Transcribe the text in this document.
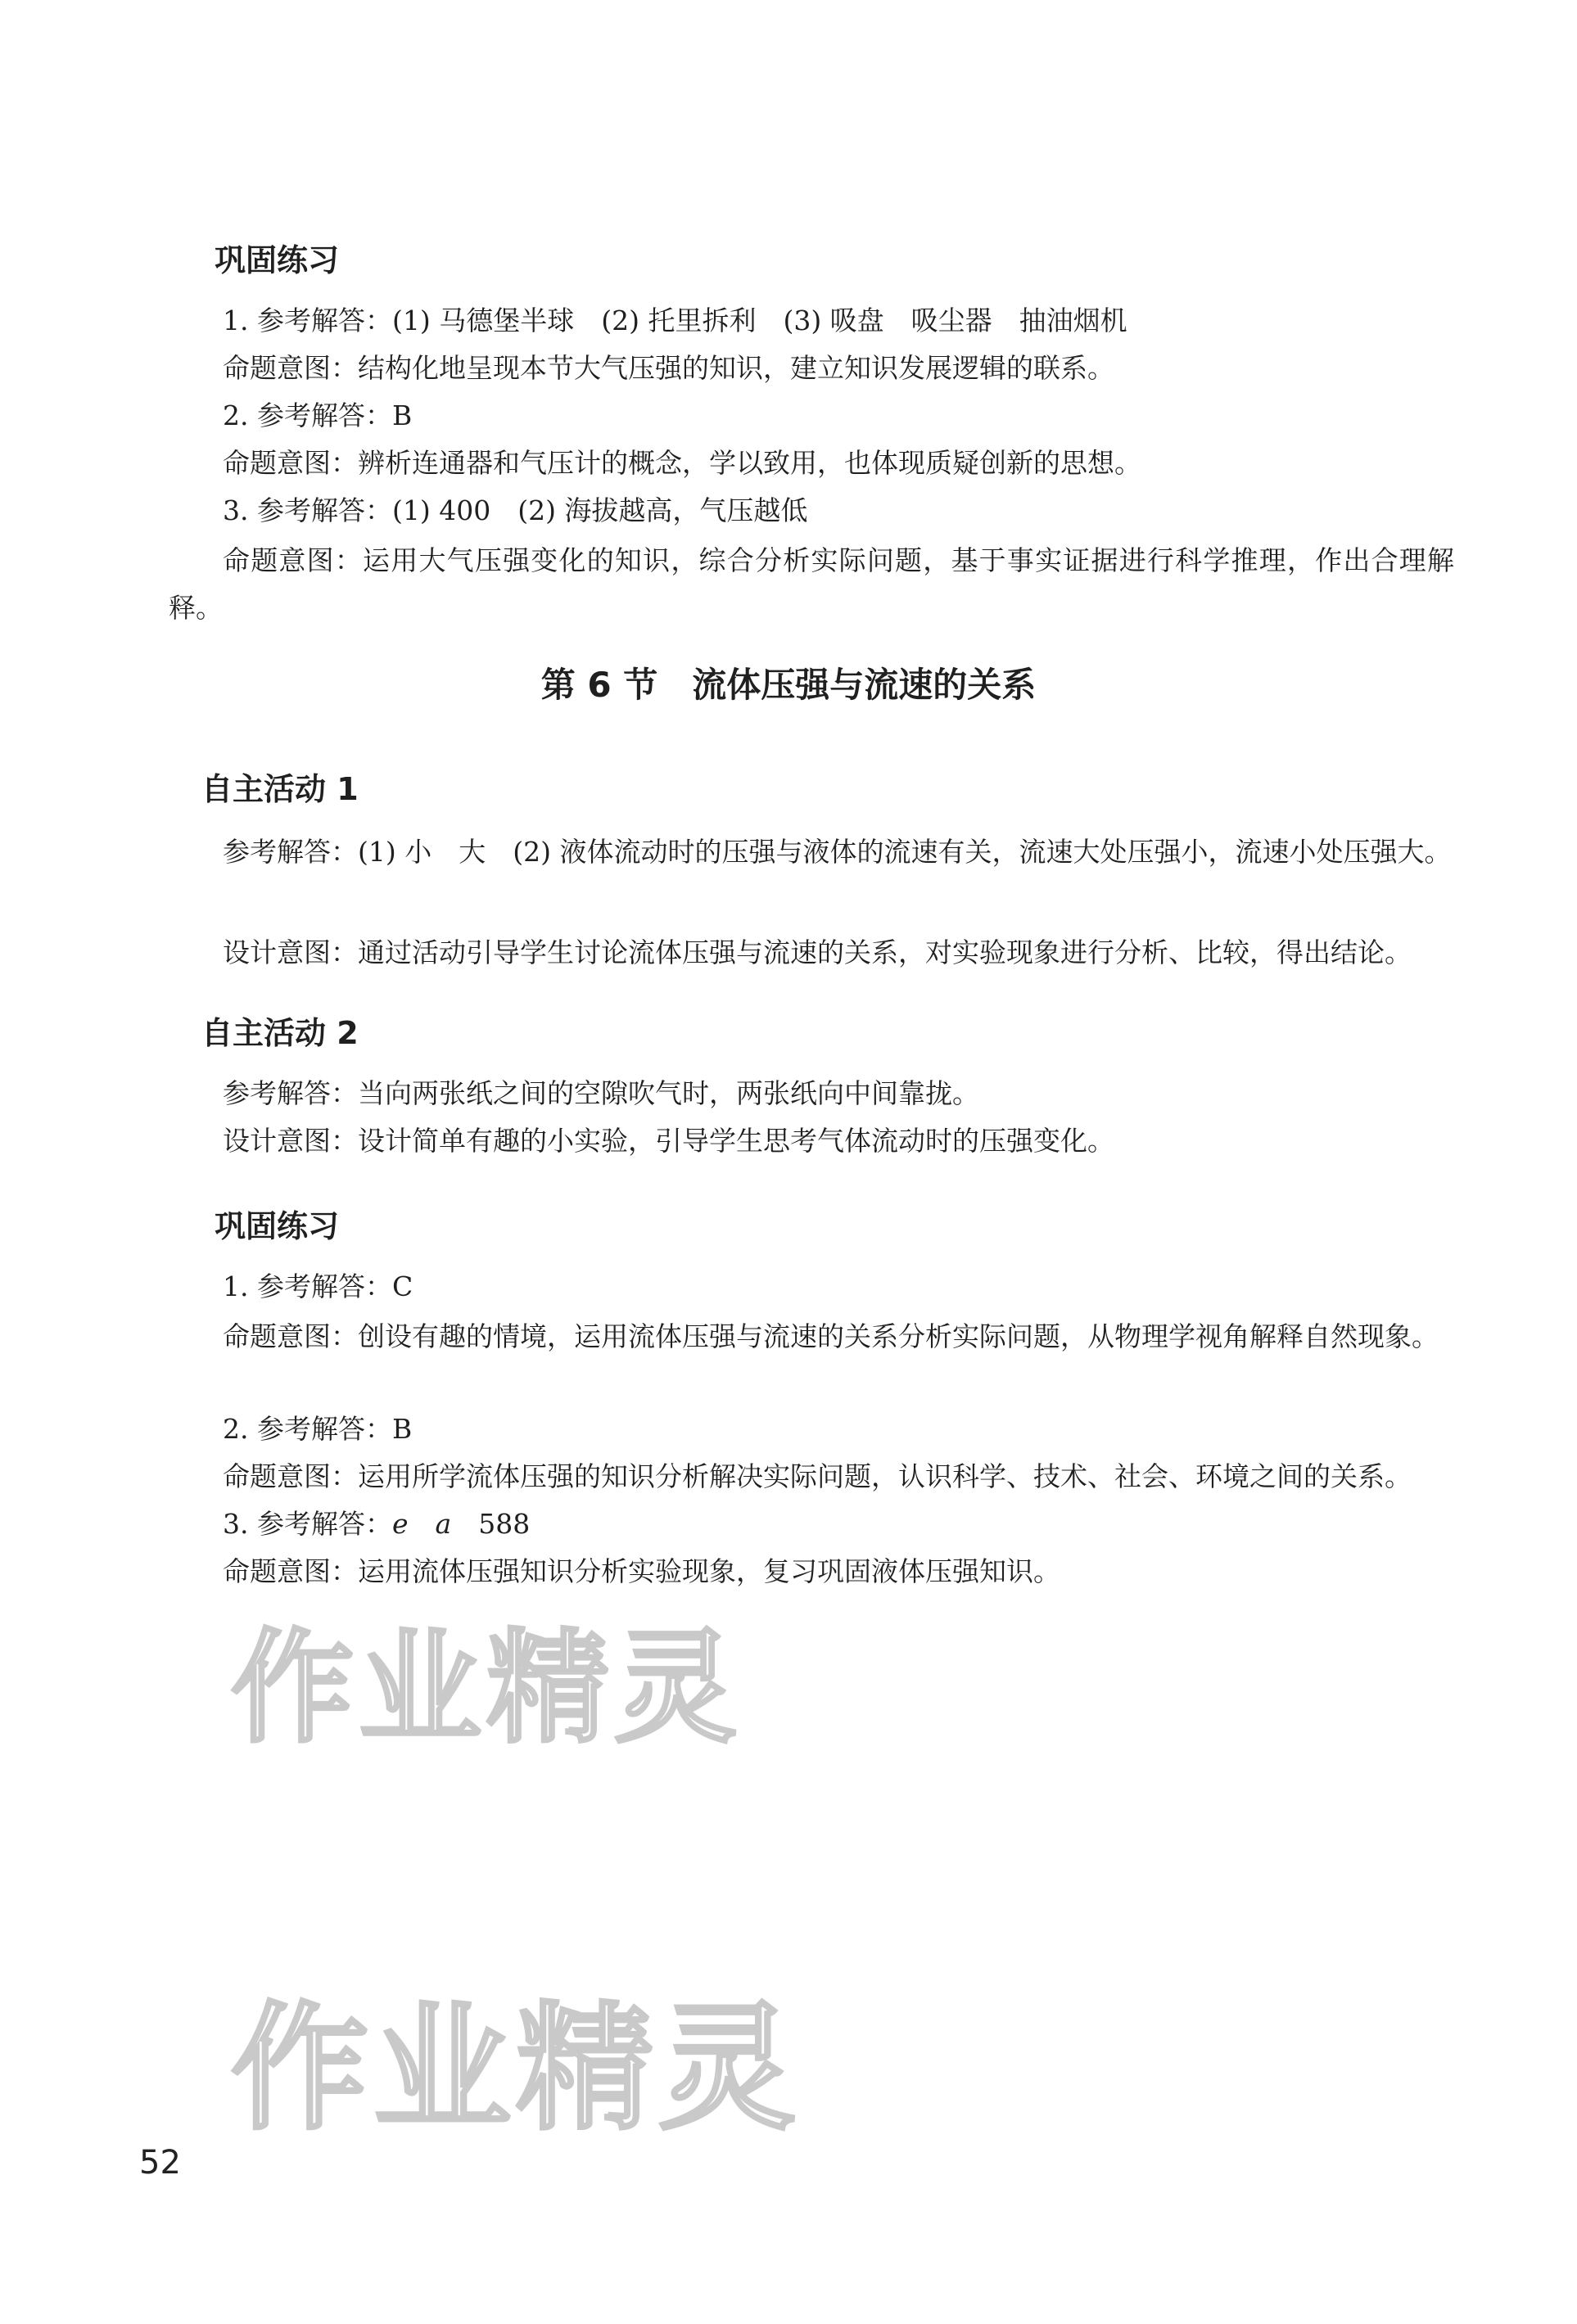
巩固练习
1. 参考解答：(1) 马德堡半球　(2) 托里拆利　(3) 吸盘　吸尘器　抽油烟机
命题意图：结构化地呈现本节大气压强的知识，建立知识发展逻辑的联系。
2. 参考解答：B
命题意图：辨析连通器和气压计的概念，学以致用，也体现质疑创新的思想。
3. 参考解答：(1) 400　(2) 海拔越高，气压越低
命题意图：运用大气压强变化的知识，综合分析实际问题，基于事实证据进行科学推理，作出合理解释。
第 6 节　流体压强与流速的关系
自主活动 1
参考解答：(1) 小　大　(2) 液体流动时的压强与液体的流速有关，流速大处压强小，流速小处压强大。
设计意图：通过活动引导学生讨论流体压强与流速的关系，对实验现象进行分析、比较，得出结论。
自主活动 2
参考解答：当向两张纸之间的空隙吹气时，两张纸向中间靠拢。
设计意图：设计简单有趣的小实验，引导学生思考气体流动时的压强变化。
巩固练习
1. 参考解答：C
命题意图：创设有趣的情境，运用流体压强与流速的关系分析实际问题，从物理学视角解释自然现象。
2. 参考解答：B
命题意图：运用所学流体压强的知识分析解决实际问题，认识科学、技术、社会、环境之间的关系。
3. 参考解答：e　 a　 588
命题意图：运用流体压强知识分析实验现象，复习巩固液体压强知识。
作业精灵
作业精灵
52
